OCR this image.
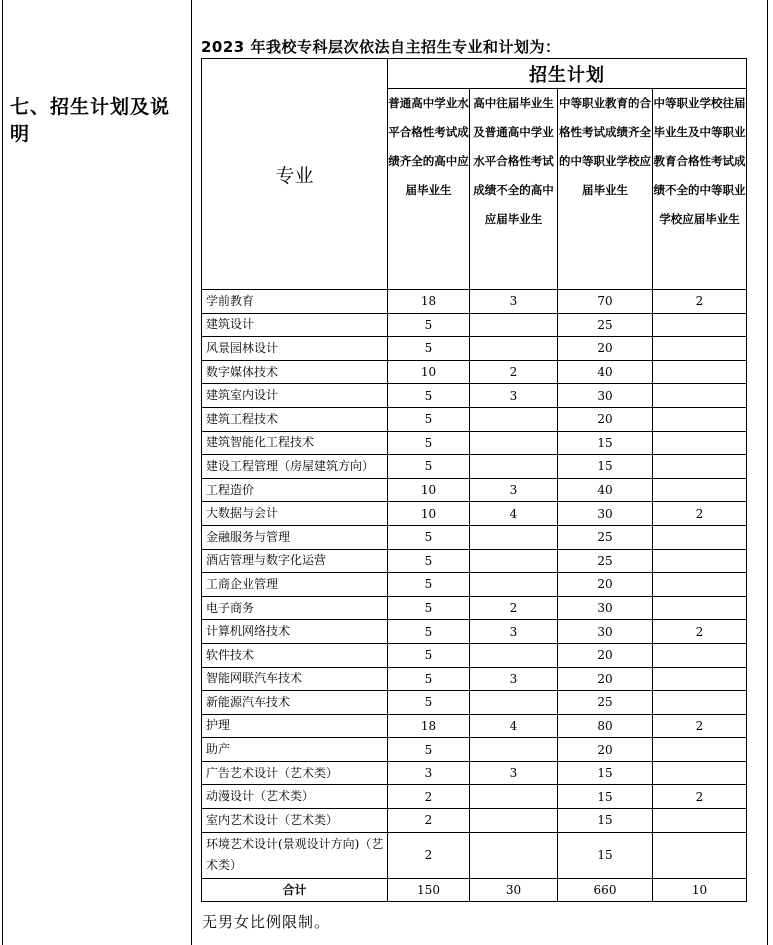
七、招生计划及说明
2023 年我校专科层次依法自主招生专业和计划为：
专业	招生计划			
	普通高中学业水平合格性考试成绩齐全的高中应届毕业生	高中往届毕业生及普通高中学业水平合格性考试成绩不全的高中应届毕业生	中等职业教育的合格性考试成绩齐全的中等职业学校应届毕业生	中等职业学校往届毕业生及中等职业教育合格性考试成绩不全的中等职业学校应届毕业生
学前教育	18	3	70	2
建筑设计	5		25	
风景园林设计	5		20	
数字媒体技术	10	2	40	
建筑室内设计	5	3	30	
建筑工程技术	5		20	
建筑智能化工程技术	5		15	
建设工程管理（房屋建筑方向）	5		15	
工程造价	10	3	40	
大数据与会计	10	4	30	2
金融服务与管理	5		25	
酒店管理与数字化运营	5		25	
工商企业管理	5		20	
电子商务	5	2	30	
计算机网络技术	5	3	30	2
软件技术	5		20	
智能网联汽车技术	5	3	20	
新能源汽车技术	5		25	
护理	18	4	80	2
助产	5		20	
广告艺术设计（艺术类）	3	3	15	
动漫设计（艺术类）	2		15	2
室内艺术设计（艺术类）	2		15	
环境艺术设计(景观设计方向)（艺术类）	2		15	
合计	150	30	660	10
无男女比例限制。
